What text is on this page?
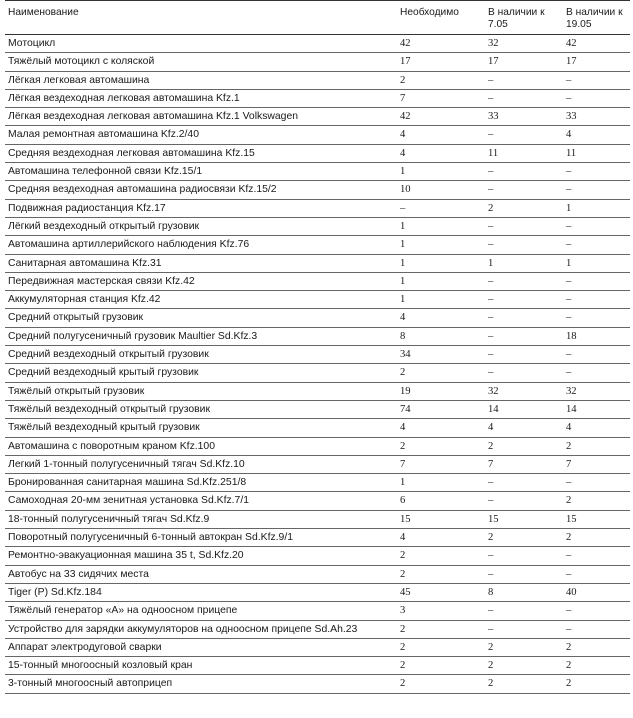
Наименование	Необходимо	В наличии к 7.05	В наличии к 19.05
Мотоцикл	42	32	42
Тяжёлый мотоцикл с коляской	17	17	17
Лёгкая легковая автомашина	2	–	–
Лёгкая вездеходная легковая автомашина Kfz.1	7	–	–
Лёгкая вездеходная легковая автомашина Kfz.1 Volkswagen	42	33	33
Малая ремонтная автомашина Kfz.2/40	4	–	4
Средняя вездеходная легковая автомашина Kfz.15	4	11	11
Автомашина телефонной связи Kfz.15/1	1	–	–
Средняя вездеходная автомашина радиосвязи Kfz.15/2	10	–	–
Подвижная радиостанция Kfz.17	–	2	1
Лёгкий вездеходный открытый грузовик	1	–	–
Автомашина артиллерийского наблюдения Kfz.76	1	–	–
Санитарная автомашина Kfz.31	1	1	1
Передвижная мастерская связи Kfz.42	1	–	–
Аккумуляторная станция Kfz.42	1	–	–
Средний открытый грузовик	4	–	–
Средний полугусеничный грузовик Maultier Sd.Kfz.3	8	–	18
Средний вездеходный открытый грузовик	34	–	–
Средний вездеходный крытый грузовик	2	–	–
Тяжёлый открытый грузовик	19	32	32
Тяжёлый вездеходный открытый грузовик	74	14	14
Тяжёлый вездеходный крытый грузовик	4	4	4
Автомашина с поворотным краном Kfz.100	2	2	2
Легкий 1-тонный полугусеничный тягач Sd.Kfz.10	7	7	7
Бронированная санитарная машина Sd.Kfz.251/8	1	–	–
Самоходная 20-мм зенитная установка Sd.Kfz.7/1	6	–	2
18-тонный полугусеничный тягач Sd.Kfz.9	15	15	15
Поворотный полугусеничный 6-тонный автокран Sd.Kfz.9/1	4	2	2
Ремонтно-эвакуационная машина 35 t, Sd.Kfz.20	2	–	–
Автобус на 33 сидячих места	2	–	–
Tiger (P) Sd.Kfz.184	45	8	40
Тяжёлый генератор «А» на одноосном прицепе	3	–	–
Устройство для зарядки аккумуляторов на одноосном прицепе Sd.Ah.23	2	–	–
Аппарат электродуговой сварки	2	2	2
15-тонный многоосный козловый кран	2	2	2
3-тонный многоосный автоприцеп	2	2	2
